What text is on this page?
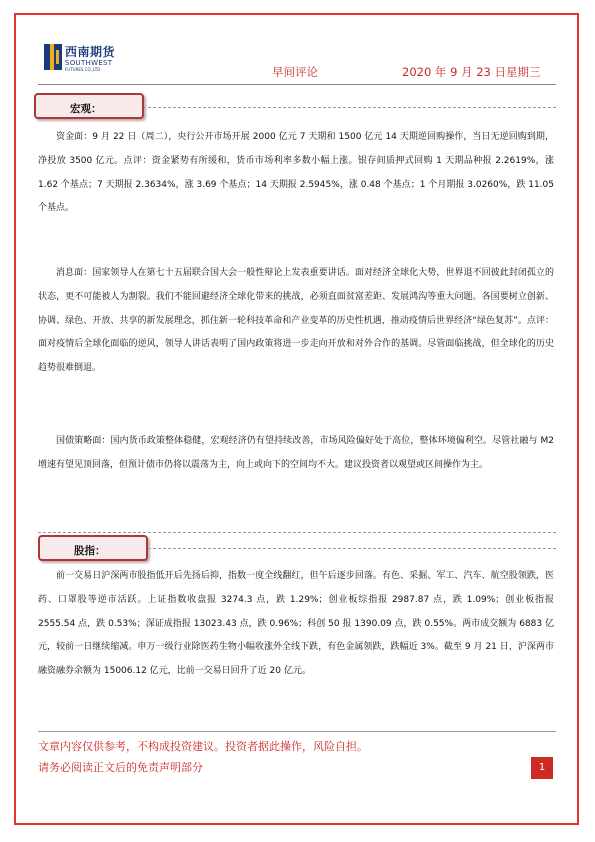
西南期货
SOUTHWEST
FUTURES CO.,LTD.	早间评论	2020 年 9 月 23 日星期三
宏观：

资金面：9 月 22 日（周二），央行公开市场开展 2000 亿元 7 天期和 1500 亿元 14 天期逆回购操作，当日无逆回购到期，净投放 3500 亿元。点评：资金紧势有所缓和，货币市场利率多数小幅上涨。银存间质押式回购 1 天期品种报 2.2619%，涨 1.62 个基点；7 天期报 2.3634%，涨 3.69 个基点；14 天期报 2.5945%，涨 0.48 个基点；1 个月期报 3.0260%，跌 11.05 个基点。

消息面：国家领导人在第七十五届联合国大会一般性辩论上发表重要讲话。面对经济全球化大势，世界退不回彼此封闭孤立的状态，更不可能被人为割裂。我们不能回避经济全球化带来的挑战，必须直面贫富差距、发展鸿沟等重大问题。各国要树立创新、协调、绿色、开放、共享的新发展理念，抓住新一轮科技革命和产业变革的历史性机遇，推动疫情后世界经济“绿色复苏”。点评：面对疫情后全球化面临的逆风，领导人讲话表明了国内政策将进一步走向开放和对外合作的基调。尽管面临挑战，但全球化的历史趋势很难倒退。

国债策略面：国内货币政策整体稳健，宏观经济仍有望持续改善，市场风险偏好处于高位，整体环境偏利空。尽管社融与 M2 增速有望见顶回落，但预计债市仍将以震荡为主，向上或向下的空间均不大。建议投资者以观望或区间操作为主。

股指：

前一交易日沪深两市股指低开后先扬后抑，指数一度全线翻红，但午后逐步回落。有色、采掘、军工、汽车、航空股领跌，医药、口罩股等逆市活跃。上证指数收盘报 3274.3 点，跌 1.29%；创业板综指报 2987.87 点，跌 1.09%；创业板指报 2555.54 点，跌 0.53%；深证成指报 13023.43 点，跌 0.96%；科创 50 报 1390.09 点，跌 0.55%。两市成交额为 6883 亿元，较前一日继续缩减。申万一级行业除医药生物小幅收涨外全线下跌，有色金属领跌，跌幅近 3%。截至 9 月 21 日，沪深两市融资融券余额为 15006.12 亿元，比前一交易日回升了近 20 亿元。

文章内容仅供参考，不构成投资建议。投资者据此操作，风险自担。
请务必阅读正文后的免责声明部分	1
